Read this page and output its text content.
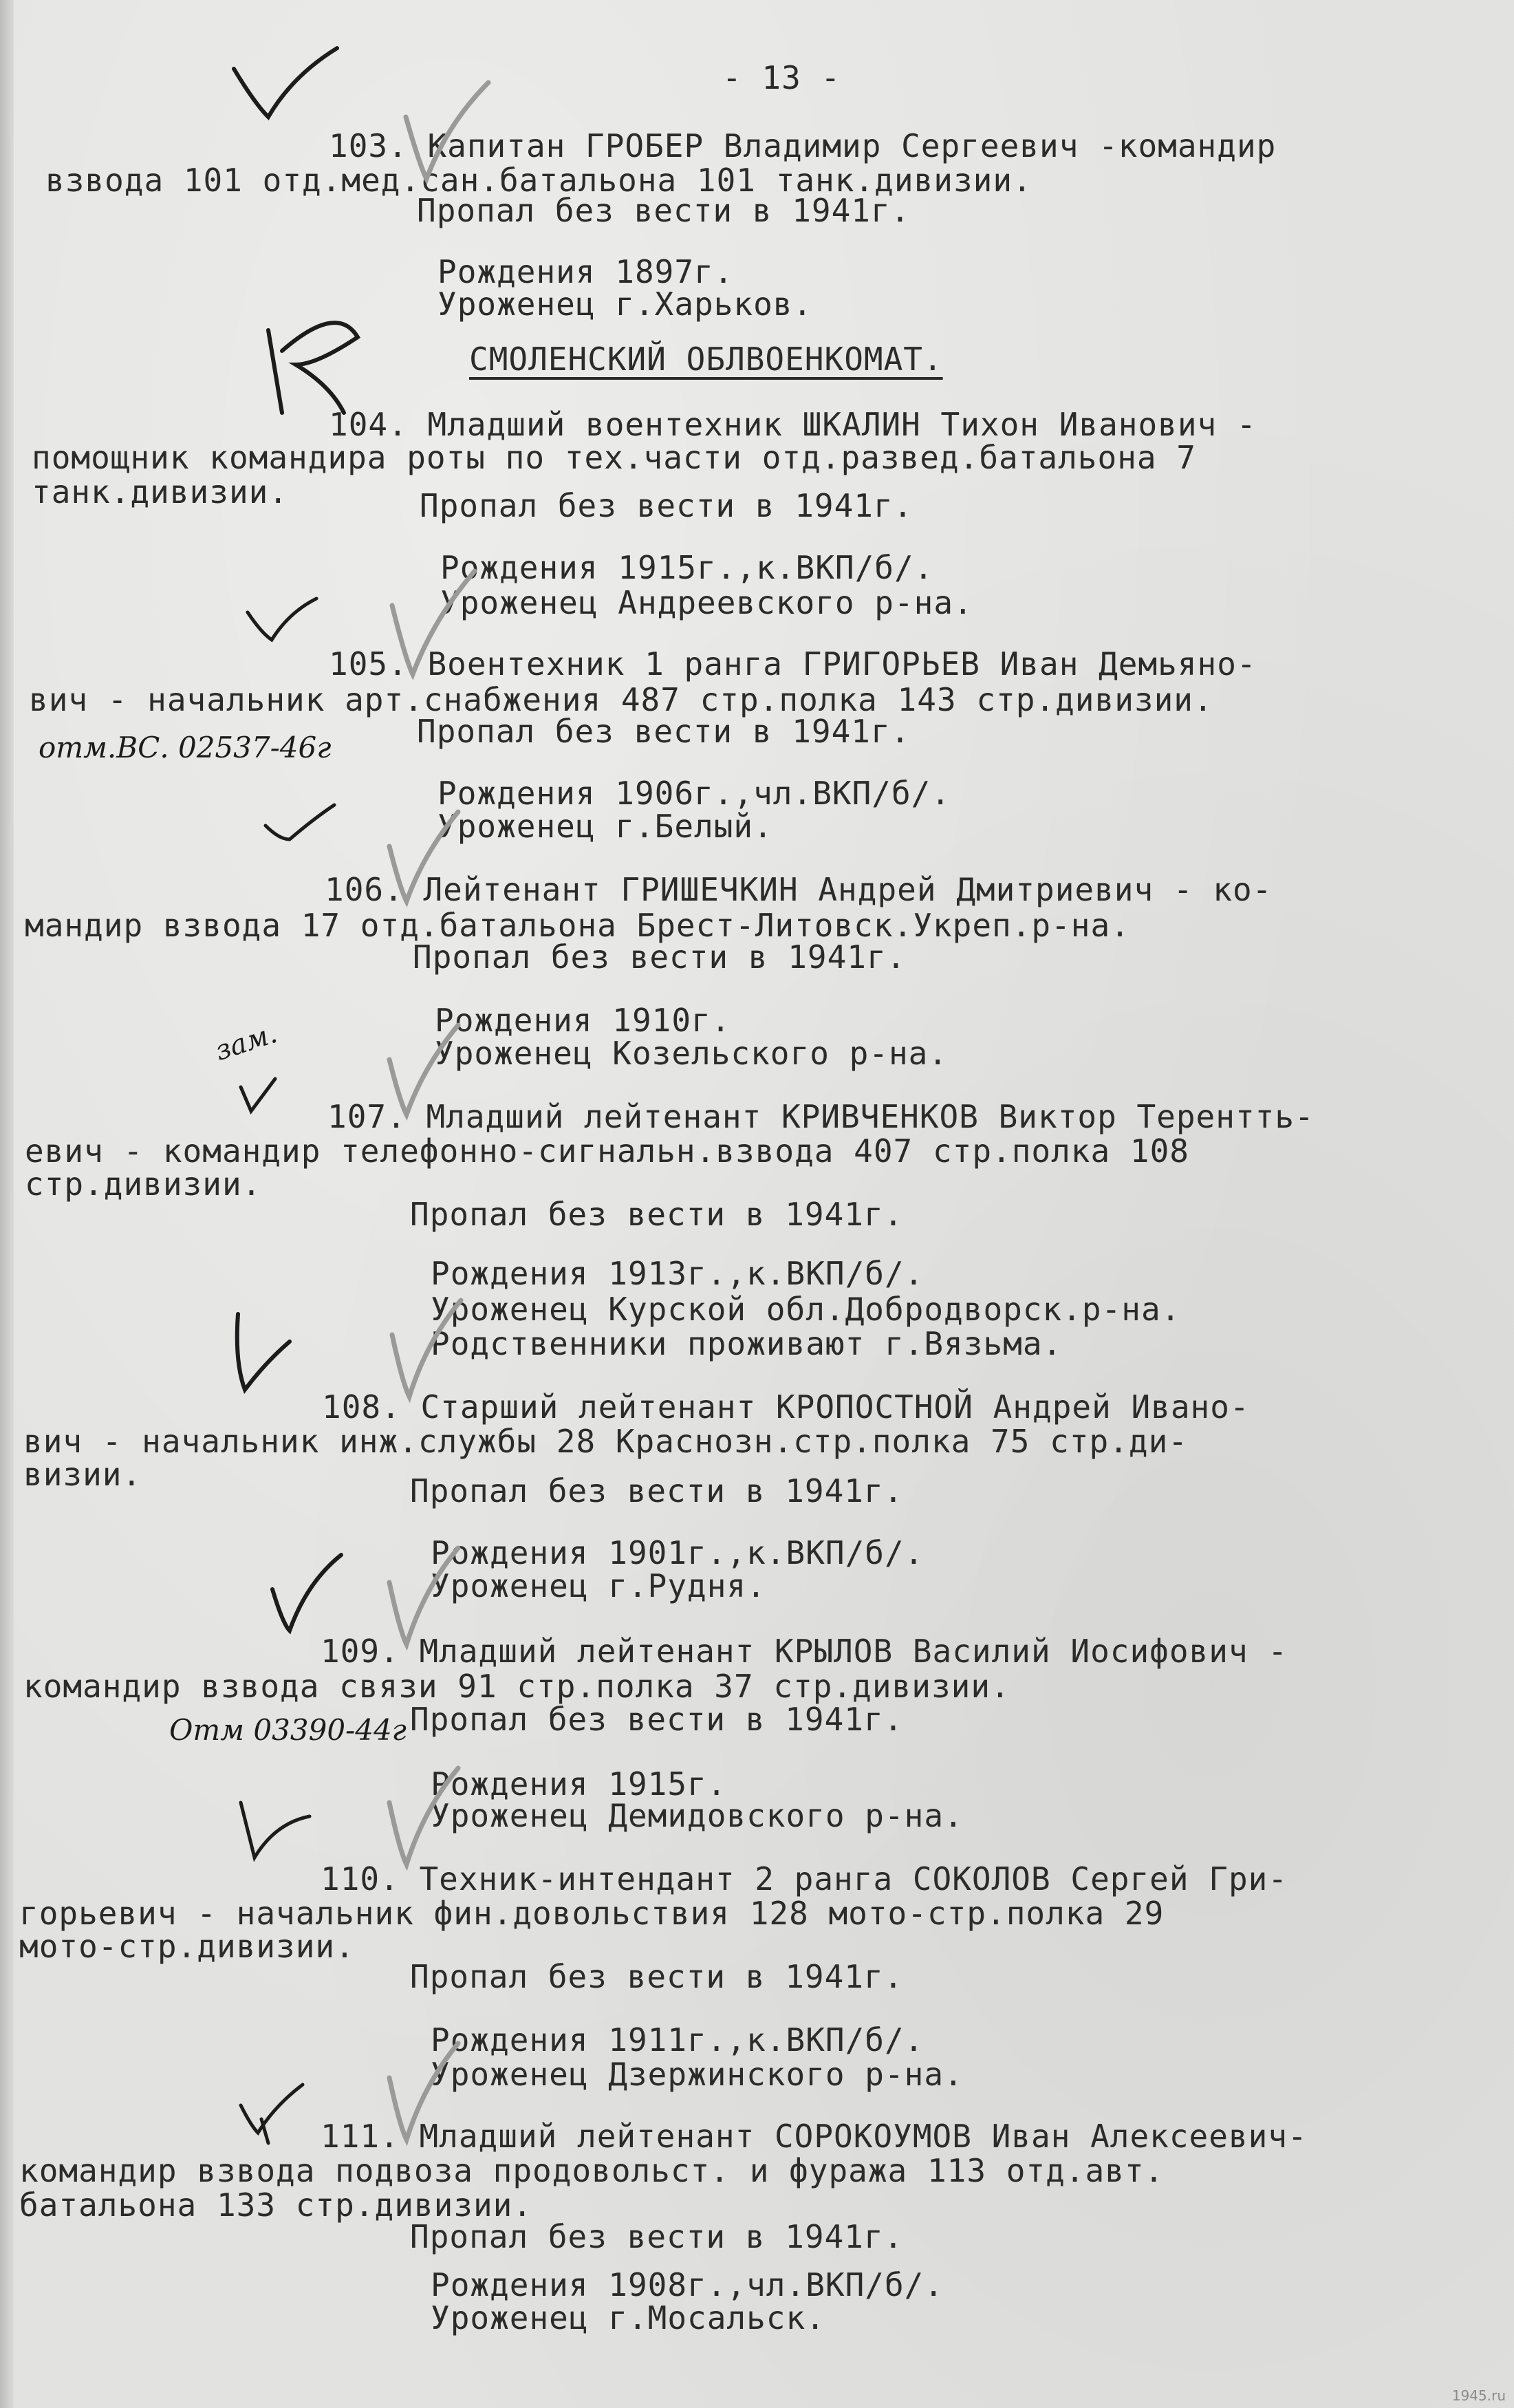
- 13 -
103. Капитан ГРОБЕР Владимир Сергеевич -командир
взвода 101 отд.мед.сан.батальона 101 танк.дивизии.
Пропал без вести в 1941г.
Рождения 1897г.
Уроженец г.Харьков.
СМОЛЕНСКИЙ ОБЛВОЕНКОМАТ.
104. Младший воентехник ШКАЛИН Тихон Иванович -
помощник командира роты по тех.части отд.развед.батальона 7
танк.дивизии.	Пропал без вести в 1941г.
Рождения 1915г.,к.ВКП/б/.
Уроженец Андреевского р-на.
105. Воентехник 1 ранга ГРИГОРЬЕВ Иван Демьяно-
вич - начальник арт.снабжения 487 стр.полка 143 стр.дивизии.
Пропал без вести в 1941г.
Рождения 1906г.,чл.ВКП/б/.
Уроженец г.Белый.
106. Лейтенант ГРИШЕЧКИН Андрей Дмитриевич - ко-
мандир взвода 17 отд.батальона Брест-Литовск.Укреп.р-на.
Пропал без вести в 1941г.
Рождения 1910г.
Уроженец Козельского р-на.
107. Младший лейтенант КРИВЧЕНКОВ Виктор Терентть-
евич - командир телефонно-сигнальн.взвода 407 стр.полка 108
стр.дивизии.
Пропал без вести в 1941г.
Рождения 1913г.,к.ВКП/б/.
Уроженец Курской обл.Добродворск.р-на.
Родственники проживают г.Вязьма.
108. Старший лейтенант КРОПОСТНОЙ Андрей Ивано-
вич - начальник инж.службы 28 Краснозн.стр.полка 75 стр.ди-
визии.	Пропал без вести в 1941г.
Рождения 1901г.,к.ВКП/б/.
Уроженец г.Рудня.
109. Младший лейтенант КРЫЛОВ Василий Иосифович -
командир взвода связи 91 стр.полка 37 стр.дивизии.
Пропал без вести в 1941г.
Рождения 1915г.
Уроженец Демидовского р-на.
110. Техник-интендант 2 ранга СОКОЛОВ Сергей Гри-
горьевич - начальник фин.довольствия 128 мото-стр.полка 29
мото-стр.дивизии.
Пропал без вести в 1941г.
Рождения 1911г.,к.ВКП/б/.
Уроженец Дзержинского р-на.
111. Младший лейтенант СОРОКОУМОВ Иван Алексеевич-
командир взвода подвоза продовольст. и фуража 113 отд.авт.
батальона 133 стр.дивизии.
Пропал без вести в 1941г.
Рождения 1908г.,чл.ВКП/б/.
Уроженец г.Мосальск.
отм.ВС. 02537-46г
зам.
Отм 03390-44г
1945.ru
